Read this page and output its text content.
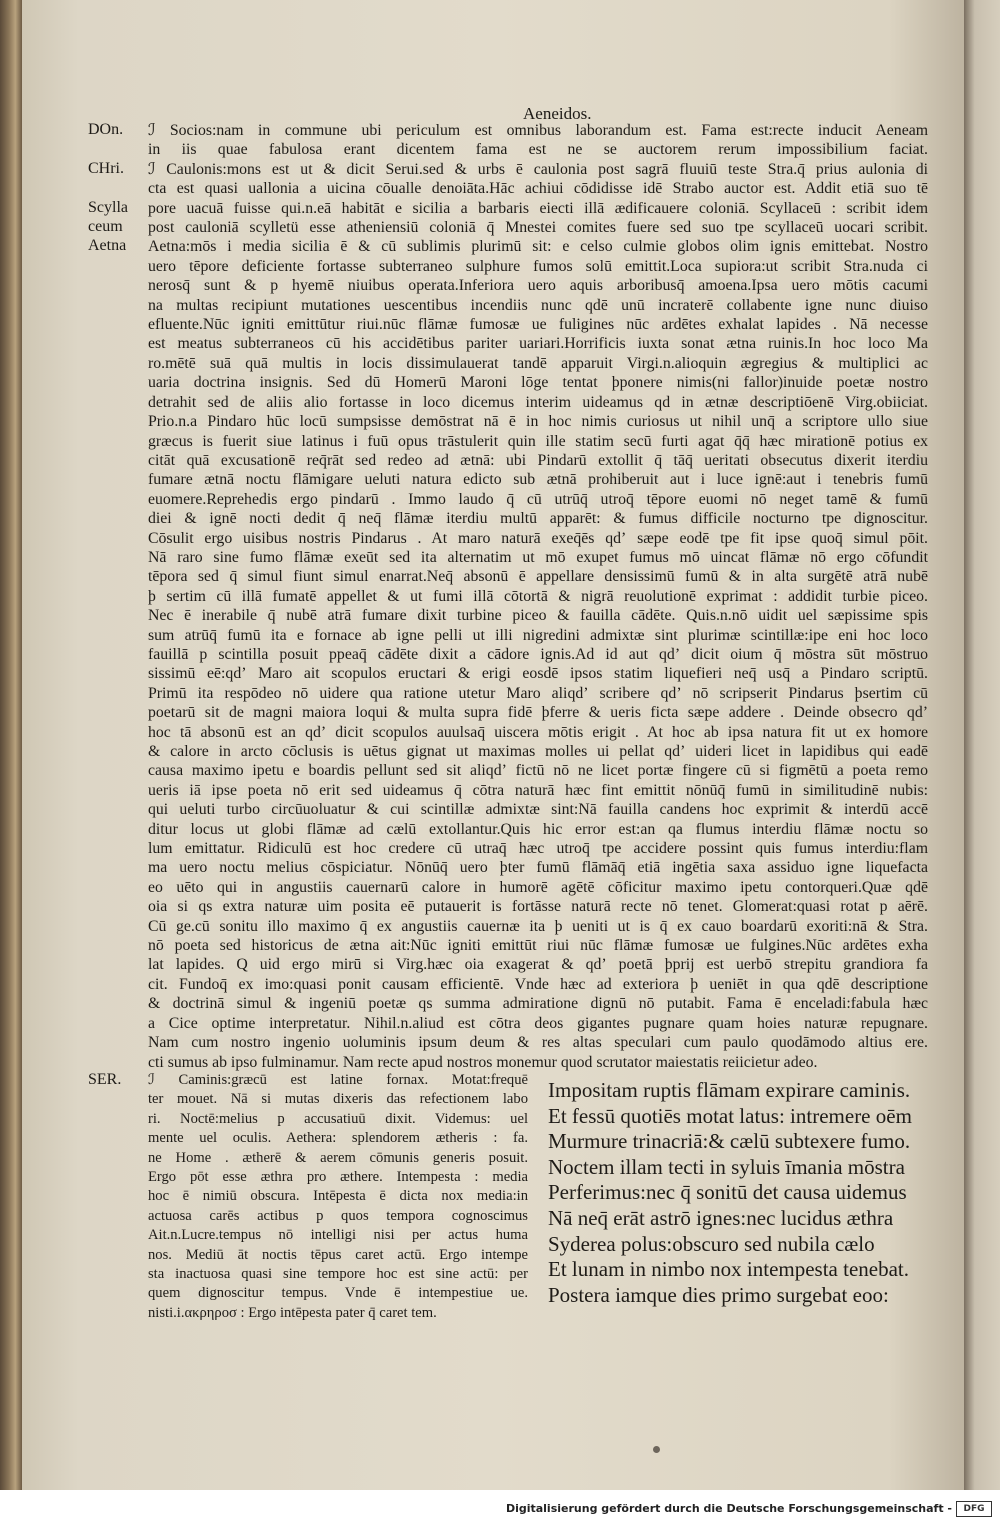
Aeneidos.
DOn.
CHri.
Scylla
ceum
Aetna

ℐ Socios:nam in commune ubi periculum est omnibus laborandum est. Fama est:recte inducit Aeneam

in iis quae fabulosa erant dicentem fama est ne se auctorem rerum impossibilium faciat.

ℐ Caulonis:mons est ut & dicit Serui.sed & urbs ē caulonia post sagrā fluuiū teste Stra.q̄ prius aulonia di

cta est quasi uallonia a uicina cōualle denoiāta.Hāc achiui cōdidisse idē Strabo auctor est. Addit etiā suo tē

pore uacuā fuisse qui.n.eā habitāt e sicilia a barbaris eiecti illā ædificauere coloniā. Scyllaceū : scribit idem

post cauloniā scylletü esse atheniensiū coloniā q̄ Mnestei comites fuere sed suo tpe scyllaceū uocari scribit.

Aetna:mōs i media sicilia ē & cū sublimis plurimū sit: e celso culmie globos olim ignis emittebat. Nostro

uero tēpore deficiente fortasse subterraneo sulphure fumos solū emittit.Loca supiora:ut scribit Stra.nuda ci

nerosq̄ sunt & p hyemē niuibus operata.Inferiora uero aquis arboribusq̄ amoena.Ipsa uero mōtis cacumi

na multas recipiunt mutationes uescentibus incendiis nunc qdē unū incraterē collabente igne nunc diuiso

efluente.Nūc igniti emittūtur riui.nūc flāmæ fumosæ ue fuligines nūc ardētes exhalat lapides . Nā necesse

est meatus subterraneos cū his accidētibus pariter uariari.Horrificis iuxta sonat ætna ruinis.In hoc loco Ma

ro.mētē suā quā multis in locis dissimulauerat tandē apparuit Virgi.n.alioquin ægregius & multiplici ac

uaria doctrina insignis. Sed dū Homerū Maroni lōge tentat þponere nimis(ni fallor)inuide poetæ nostro

detrahit sed de aliis alio fortasse in loco dicemus interim uideamus qd in ætnæ descriptiōenē Virg.obiiciat.

Prio.n.a Pindaro hūc locū sumpsisse demōstrat nā ē in hoc nimis curiosus ut nihil unq̄ a scriptore ullo siue

græcus is fuerit siue latinus i fuū opus trāstulerit quin ille statim secū furti agat q̄q̄ hæc mirationē potius ex

citāt quā excusationē req̄rāt sed redeo ad ætnā: ubi Pindarū extollit q̄ tāq̄ ueritati obsecutus dixerit iterdiu

fumare ætnā noctu flāmigare ueluti natura edicto sub ætnā prohiberuit aut i luce ignē:aut i tenebris fumū

euomere.Reprehedis ergo pindarū . Immo laudo q̄ cū utrūq̄ utroq̄ tēpore euomi nō neget tamē & fumū

diei & ignē nocti dedit q̄̄ neq̄ flāmæ iterdiu multū apparēt: & fumus difficile nocturno tpe dignoscitur.

Cōsulit ergo uisibus nostris Pindarus . At maro naturā exeq̄ēs qdʼ sæpe eodē tpe fit ipse quoq̄ simul pōit.

Nā raro sine fumo flāmæ exeūt sed ita alternatim ut mō exupet fumus mō uincat flāmæ nō ergo cōfundit

tēpora sed q̄ simul fiunt simul enarrat.Neq̄ absonū ē appellare densissimū fumū & in alta surgētē atrā nubē

þ sertim cū illā fumatē appellet & ut fumi illā cōtortā & nigrā reuolutionē exprimat : addidit turbie piceo.

Nec ē inerabile q̄ nubē atrā fumare dixit turbine piceo & fauilla cādēte. Quis.n.nō uidit uel sæpissime spis

sum atrūq̄ fumū ita e fornace ab igne pelli ut illi nigredini admixtæ sint plurimæ scintillæ:ipe eni hoc loco

fauillā p scintilla posuit ppeaq̄ cādēte dixit a cādore ignis.Ad id aut qdʼ dicit oium q̄ mōstra sūt mōstruo

sissimū eē:qdʼ Maro ait scopulos eructari & erigi eosdē ipsos statim liquefieri neq̄ usq̄ a Pindaro scriptū.

Primū ita respōdeo nō uidere qua ratione utetur Maro aliqdʼ scribere qdʼ nō scripserit Pindarus þsertim cū

poetarū sit de magni maiora loqui & multa supra fidē þferre & ueris ficta sæpe addere . Deinde obsecro qdʼ

hoc tā absonū est an qdʼ dicit scopulos auulsaq̄ uiscera mōtis erigit . At hoc ab ipsa natura fit ut ex homore

& calore in arcto cōclusis is uētus gignat ut maximas molles ui pellat qdʼ uideri licet in lapidibus qui eadē

causa maximo ipetu e boardis pellunt sed sit aliqdʼ fictū nō ne licet portæ fingere cū si figmētū a poeta remo

ueris iā ipse poeta nō erit sed uideamus q̄ cōtra naturā hæc fint emittit nōnūq̄ fumū in similitudinē nubis:

qui ueluti turbo circūuoluatur & cui scintillæ admixtæ sint:Nā fauilla candens hoc exprimit & interdū accē

ditur locus ut globi flāmæ ad cælū extollantur.Quis hic error est:an qa flumus interdiu flāmæ noctu so

lum emittatur. Ridiculū est hoc credere cū utraq̄ hæc utroq̄ tpe accidere possint quis fumus interdiu:flam

ma uero noctu melius cōspiciatur. Nōnūq̄ uero þter fumū flāmāq̄ etiā ingētia saxa assiduo igne liquefacta

eo uēto qui in angustiis cauernarū calore in humorē agētē cōficitur maximo ipetu contorqueri.Quæ qdē

oia si qs extra naturæ uim posita eē putauerit is fortāsse naturā recte nō tenet. Glomerat:quasi rotat p aērē.

Cū ge.cū sonitu illo maximo q̄ ex angustiis cauernæ ita þ ueniti ut is q̄ ex cauo boardarū exoriti:nā & Stra.

nō poeta sed historicus de ætna ait:Nūc igniti emittūt riui nūc flāmæ fumosæ ue fulgines.Nūc ardētes exha

lat lapides. Q uid ergo mirū si Virg.hæc oia exagerat & qdʼ poetā þprij est uerbō strepitu grandiora fa

cit. Fundoq̄ ex imo:quasi ponit causam efficientē. Vnde hæc ad exteriora þ ueniēt in qua qdē descriptione

& doctrinā simul & ingeniū poetæ qs summa admiratione dignū nō putabit. Fama ē enceladi:fabula hæc

a Cice optime interpretatur. Nihil.n.aliud est cōtra deos gigantes pugnare quam hoies naturæ repugnare.

Nam cum nostro ingenio uoluminis ipsum deum & res altas speculari cum paulo quodāmodo altius ere.

cti sumus ab ipso fulminamur. Nam recte apud nostros monemur quod scrutator maiestatis reiicietur adeo.

SER. ℐ Caminis:græcū est latine fornax. Motat:frequē

ter mouet. Nā si mutas dixeris das refectionem labo

ri. Noctē:melius p accusatiuū dixit. Videmus: uel

mente uel oculis. Aethera: splendorem ætheris : fa.

ne Home . ætherē & aerem cōmunis generis posuit.

Ergo pōt esse æthra pro æthere. Intempesta : media

hoc ē nimiū obscura. Intēpesta ē dicta nox media:in

actuosa carēs actibus p quos tempora cognoscimus

Ait.n.Lucre.tempus nō intelligi nisi per actus huma

nos. Mediū āt noctis tēpus caret actū. Ergo intempe

sta inactuosa quasi sine tempore hoc est sine actū: per

quem dignoscitur tempus. Vnde ē intempestiue ue.

nisti.i.ακρηροσ : Ergo intēpesta pater q̄ caret tem.

Impositam ruptis flāmam expirare caminis.
Et fessū quotiēs motat latus: intremere oēm
Murmure trinacriā:& cælū subtexere fumo.
Noctem illam tecti in syluis īmania mōstra
Perferimus:nec q̄ sonitū det causa uidemus
Nā neq̄ erāt astrō ignes:nec lucidus æthra
Syderea polus:obscuro sed nubila cælo
Et lunam in nimbo nox intempesta tenebat.
Postera iamque dies primo surgebat eoo:
Digitalisierung gefördert durch die Deutsche Forschungsgemeinschaft -	DFG
